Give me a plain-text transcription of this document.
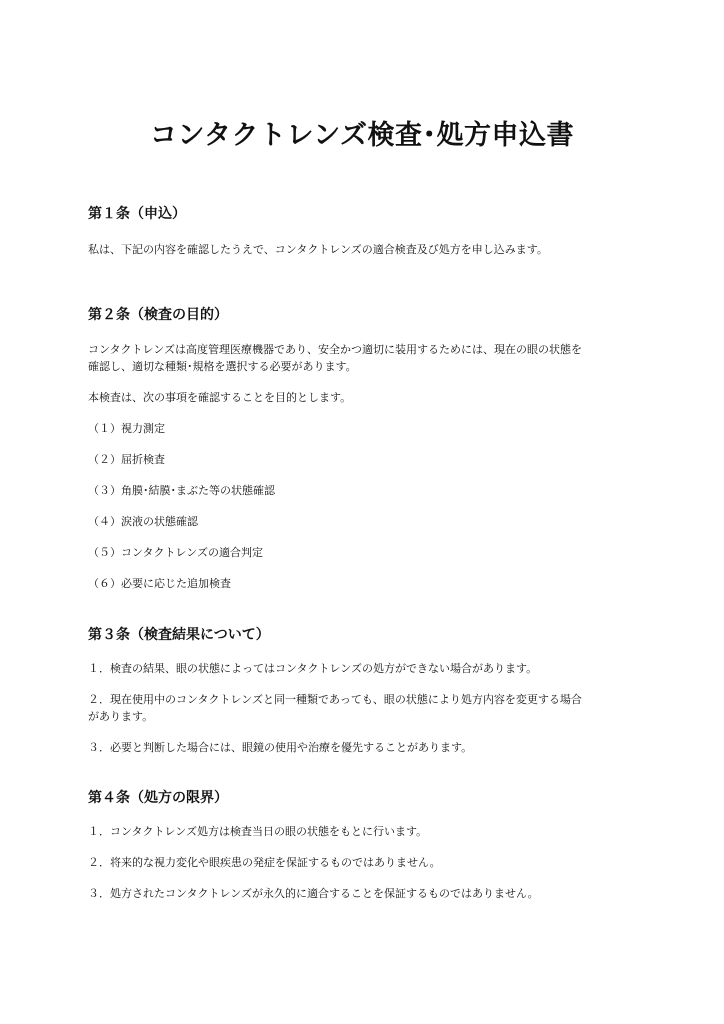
コンタクトレンズ検査･処方申込書
第１条（申込）

私は、下記の内容を確認したうえで、コンタクトレンズの適合検査及び処方を申し込みます。

第２条（検査の目的）

コンタクトレンズは高度管理医療機器であり、安全かつ適切に装用するためには、現在の眼の状態を
確認し、適切な種類･規格を選択する必要があります。

本検査は、次の事項を確認することを目的とします。

（１）視力測定

（２）屈折検査

（３）角膜･結膜･まぶた等の状態確認

（４）涙液の状態確認

（５）コンタクトレンズの適合判定

（６）必要に応じた追加検査

第３条（検査結果について）

１．検査の結果、眼の状態によってはコンタクトレンズの処方ができない場合があります。

２．現在使用中のコンタクトレンズと同一種類であっても、眼の状態により処方内容を変更する場合
があります。

３．必要と判断した場合には、眼鏡の使用や治療を優先することがあります。

第４条（処方の限界）

１．コンタクトレンズ処方は検査当日の眼の状態をもとに行います。

２．将来的な視力変化や眼疾患の発症を保証するものではありません。

３．処方されたコンタクトレンズが永久的に適合することを保証するものではありません。
